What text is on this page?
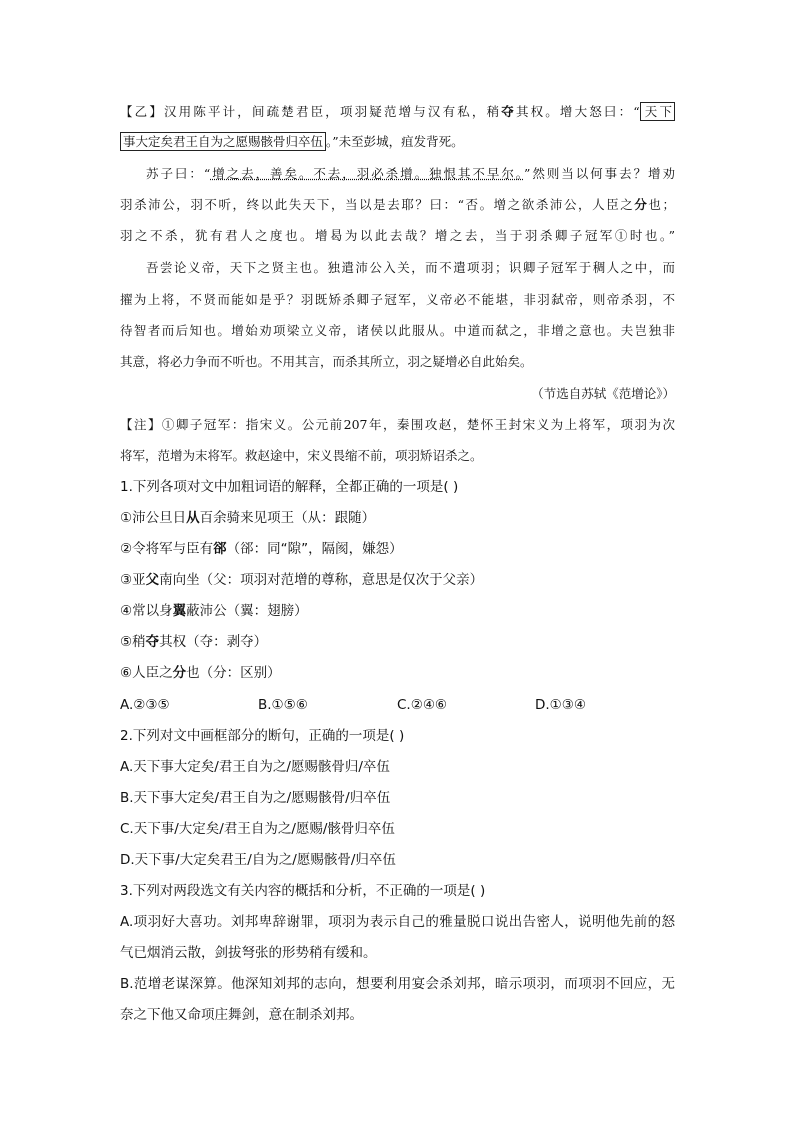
【乙】汉用陈平计，间疏楚君臣，项羽疑范增与汉有私，稍夺其权。增大怒曰：“ 天下
事大定矣君王自为之愿赐骸骨归卒伍 。”未至彭城，疽发背死。
苏子曰：“增之去，善矣。不去，羽必杀增。独恨其不早尔。”然则当以何事去？增劝
羽杀沛公，羽不听，终以此失天下，当以是去耶？曰：“否。增之欲杀沛公，人臣之分也；
羽之不杀，犹有君人之度也。增曷为以此去哉？增之去，当于羽杀卿子冠军①时也。”
吾尝论义帝，天下之贤主也。独遣沛公入关，而不遣项羽；识卿子冠军于稠人之中，而
擢为上将，不贤而能如是乎？羽既矫杀卿子冠军，义帝必不能堪，非羽弑帝，则帝杀羽，不
待智者而后知也。增始劝项梁立义帝，诸侯以此服从。中道而弑之，非增之意也。夫岂独非
其意，将必力争而不听也。不用其言，而杀其所立，羽之疑增必自此始矣。
（节选自苏轼《范增论》）
【注】①卿子冠军：指宋义。公元前207年，秦围攻赵，楚怀王封宋义为上将军，项羽为次
将军，范增为末将军。救赵途中，宋义畏缩不前，项羽矫诏杀之。
1.下列各项对文中加粗词语的解释，全都正确的一项是( )
①沛公旦日从百余骑来见项王（从：跟随）
②令将军与臣有郤（郤：同“隙”，隔阂，嫌怨）
③亚父南向坐（父：项羽对范增的尊称，意思是仅次于父亲）
④常以身翼蔽沛公（翼：翅膀）
⑤稍夺其权（夺：剥夺）
⑥人臣之分也（分：区别）
A.②③⑤	B.①⑤⑥	C.②④⑥	D.①③④
2.下列对文中画框部分的断句，正确的一项是( )
A.天下事大定矣/君王自为之/愿赐骸骨归/卒伍
B.天下事大定矣/君王自为之/愿赐骸骨/归卒伍
C.天下事/大定矣/君王自为之/愿赐/骸骨归卒伍
D.天下事/大定矣君王/自为之/愿赐骸骨/归卒伍
3.下列对两段选文有关内容的概括和分析，不正确的一项是( )
A.项羽好大喜功。刘邦卑辞谢罪，项羽为表示自己的雅量脱口说出告密人，说明他先前的怒
气已烟消云散，剑拔弩张的形势稍有缓和。
B.范增老谋深算。他深知刘邦的志向，想要利用宴会杀刘邦，暗示项羽，而项羽不回应，无
奈之下他又命项庄舞剑，意在制杀刘邦。
